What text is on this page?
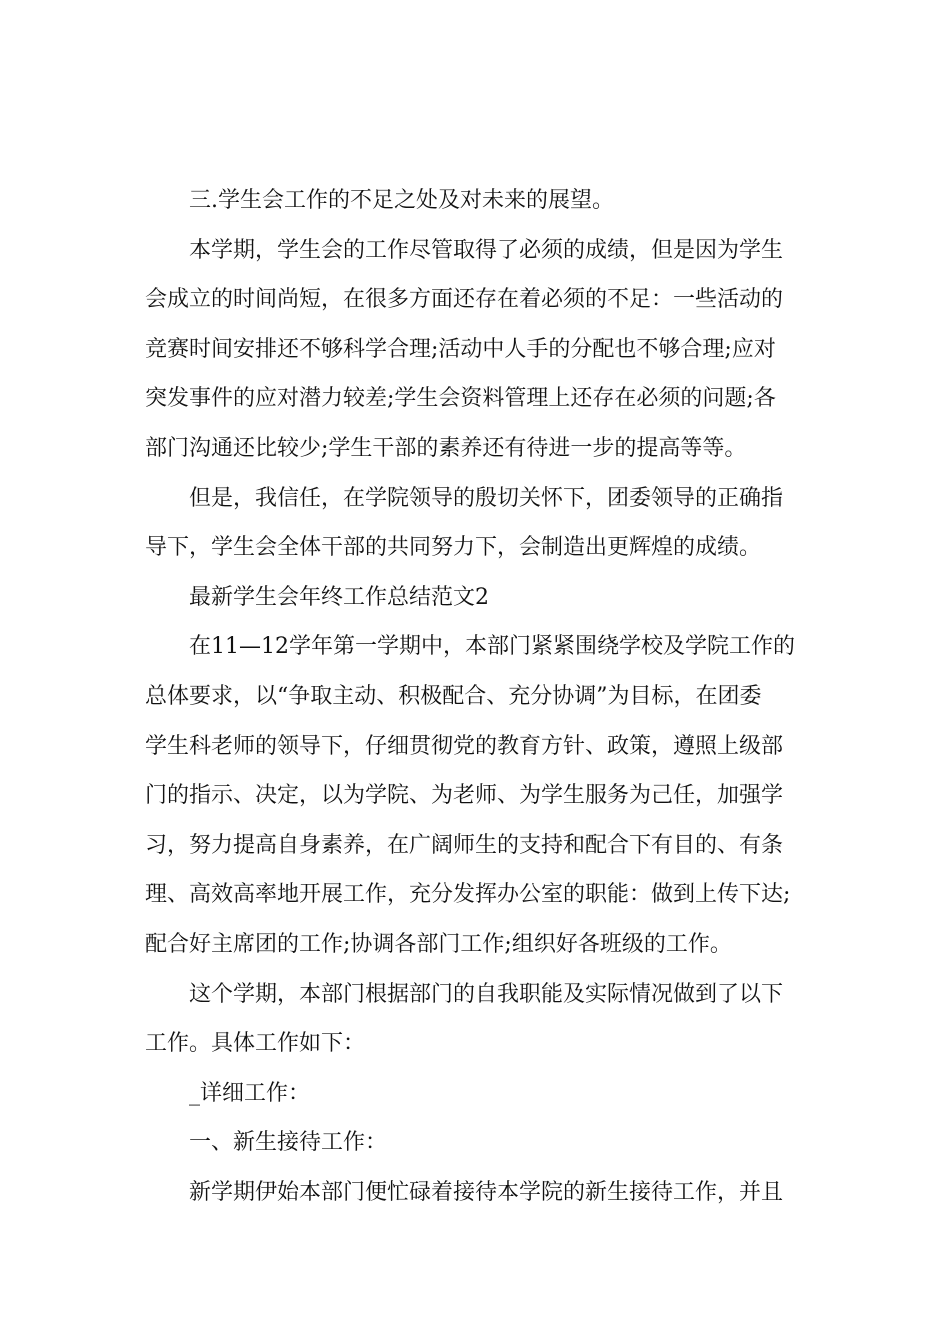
三.学生会工作的不足之处及对未来的展望。

本学期，学生会的工作尽管取得了必须的成绩，但是因为学生
会成立的时间尚短，在很多方面还存在着必须的不足：一些活动的
竞赛时间安排还不够科学合理;活动中人手的分配也不够合理;应对
突发事件的应对潜力较差;学生会资料管理上还存在必须的问题;各
部门沟通还比较少;学生干部的素养还有待进一步的提高等等。

但是，我信任，在学院领导的殷切关怀下，团委领导的正确指
导下，学生会全体干部的共同努力下，会制造出更辉煌的成绩。

最新学生会年终工作总结范文2

在11—12学年第一学期中，本部门紧紧围绕学校及学院工作的
总体要求，以“争取主动、积极配合、充分协调”为目标，在团委
学生科老师的领导下，仔细贯彻党的教育方针、政策，遵照上级部
门的指示、决定，以为学院、为老师、为学生服务为己任，加强学
习，努力提高自身素养，在广阔师生的支持和配合下有目的、有条
理、高效高率地开展工作，充分发挥办公室的职能：做到上传下达;
配合好主席团的工作;协调各部门工作;组织好各班级的工作。

这个学期，本部门根据部门的自我职能及实际情况做到了以下
工作。具体工作如下：

_详细工作：

一、新生接待工作：

新学期伊始本部门便忙碌着接待本学院的新生接待工作，并且
